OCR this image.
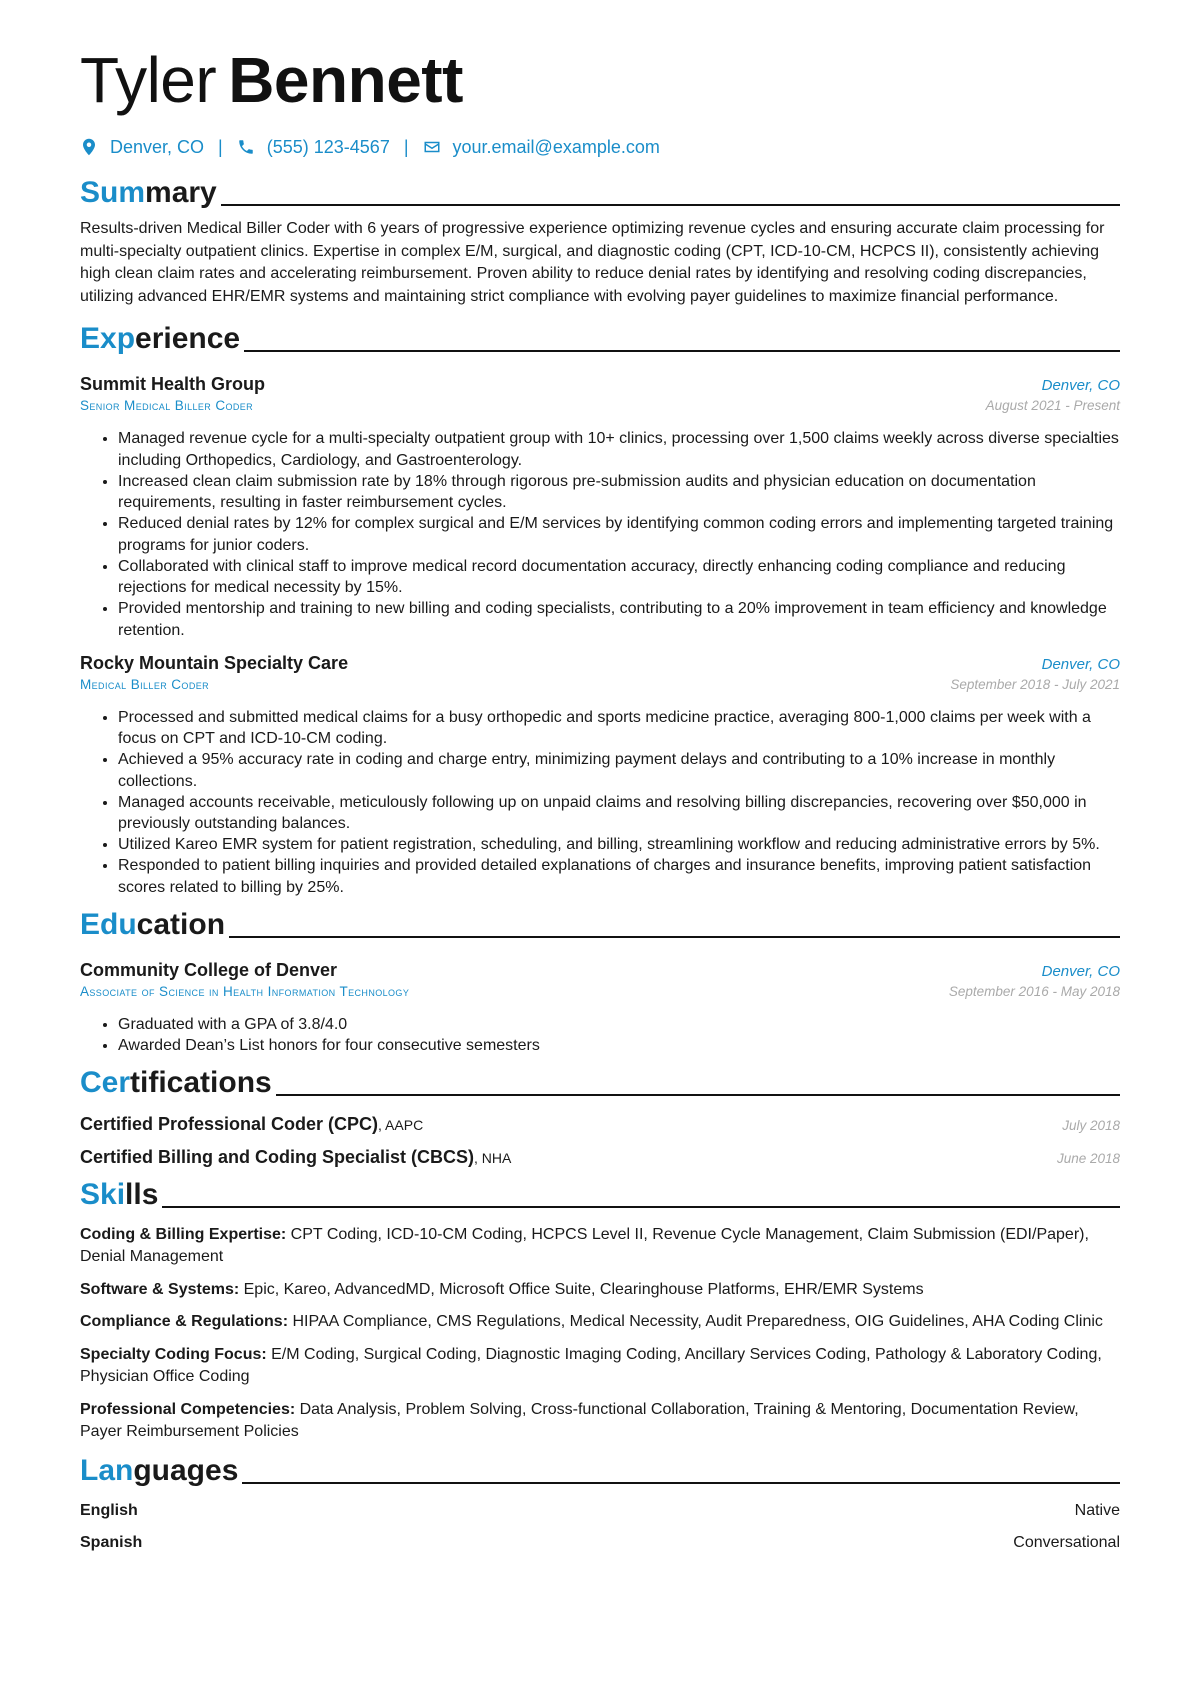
Tyler Bennett
Denver, CO | (555) 123-4567 | your.email@example.com
Summary

Results-driven Medical Biller Coder with 6 years of progressive experience optimizing revenue cycles and ensuring accurate claim processing for multi-specialty outpatient clinics. Expertise in complex E/M, surgical, and diagnostic coding (CPT, ICD-10-CM, HCPCS II), consistently achieving high clean claim rates and accelerating reimbursement. Proven ability to reduce denial rates by identifying and resolving coding discrepancies, utilizing advanced EHR/EMR systems and maintaining strict compliance with evolving payer guidelines to maximize financial performance.

Experience
Summit Health Group	Denver, CO
Senior Medical Biller Coder	August 2021 - Present
• Managed revenue cycle for a multi-specialty outpatient group with 10+ clinics, processing over 1,500 claims weekly across diverse specialties including Orthopedics, Cardiology, and Gastroenterology.
• Increased clean claim submission rate by 18% through rigorous pre-submission audits and physician education on documentation requirements, resulting in faster reimbursement cycles.
• Reduced denial rates by 12% for complex surgical and E/M services by identifying common coding errors and implementing targeted training programs for junior coders.
• Collaborated with clinical staff to improve medical record documentation accuracy, directly enhancing coding compliance and reducing rejections for medical necessity by 15%.
• Provided mentorship and training to new billing and coding specialists, contributing to a 20% improvement in team efficiency and knowledge retention.
Rocky Mountain Specialty Care	Denver, CO
Medical Biller Coder	September 2018 - July 2021
• Processed and submitted medical claims for a busy orthopedic and sports medicine practice, averaging 800-1,000 claims per week with a focus on CPT and ICD-10-CM coding.
• Achieved a 95% accuracy rate in coding and charge entry, minimizing payment delays and contributing to a 10% increase in monthly collections.
• Managed accounts receivable, meticulously following up on unpaid claims and resolving billing discrepancies, recovering over $50,000 in previously outstanding balances.
• Utilized Kareo EMR system for patient registration, scheduling, and billing, streamlining workflow and reducing administrative errors by 5%.
• Responded to patient billing inquiries and provided detailed explanations of charges and insurance benefits, improving patient satisfaction scores related to billing by 25%.
Education
Community College of Denver	Denver, CO
Associate of Science in Health Information Technology	September 2016 - May 2018
• Graduated with a GPA of 3.8/4.0
• Awarded Dean’s List honors for four consecutive semesters
Certifications
Certified Professional Coder (CPC), AAPC	July 2018
Certified Billing and Coding Specialist (CBCS), NHA	June 2018
Skills
Coding & Billing Expertise: CPT Coding, ICD-10-CM Coding, HCPCS Level II, Revenue Cycle Management, Claim Submission (EDI/Paper), Denial Management
Software & Systems: Epic, Kareo, AdvancedMD, Microsoft Office Suite, Clearinghouse Platforms, EHR/EMR Systems
Compliance & Regulations: HIPAA Compliance, CMS Regulations, Medical Necessity, Audit Preparedness, OIG Guidelines, AHA Coding Clinic
Specialty Coding Focus: E/M Coding, Surgical Coding, Diagnostic Imaging Coding, Ancillary Services Coding, Pathology & Laboratory Coding, Physician Office Coding
Professional Competencies: Data Analysis, Problem Solving, Cross-functional Collaboration, Training & Mentoring, Documentation Review, Payer Reimbursement Policies
Languages
English	Native
Spanish	Conversational
